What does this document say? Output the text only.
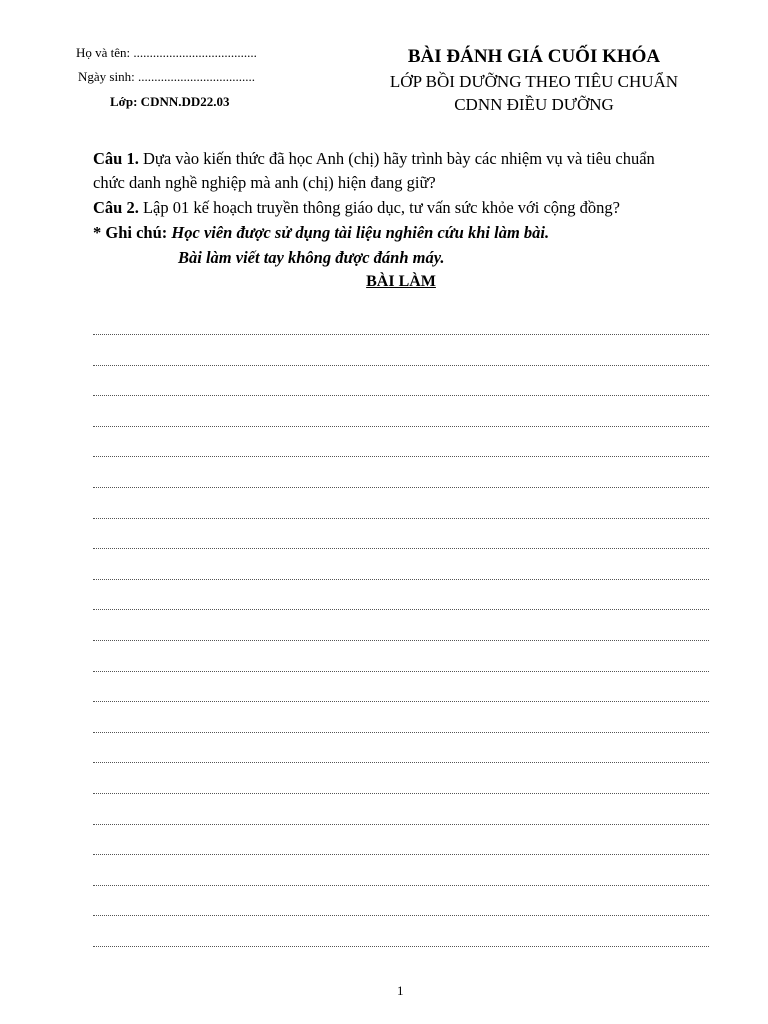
Họ và tên: ......................................
Ngày sinh: ....................................
Lớp: CDNN.DD22.03
BÀI ĐÁNH GIÁ CUỐI KHÓA
LỚP BỒI DƯỠNG THEO TIÊU CHUẨN
CDNN ĐIỀU DƯỠNG
Câu 1. Dựa vào kiến thức đã học Anh (chị) hãy trình bày các nhiệm vụ và tiêu chuẩn
chức danh nghề nghiệp mà anh (chị) hiện đang giữ?
Câu 2. Lập 01 kế hoạch truyền thông giáo dục, tư vấn sức khỏe với cộng đồng?
* Ghi chú: Học viên được sử dụng tài liệu nghiên cứu khi làm bài.
Bài làm viết tay không được đánh máy.
BÀI LÀM
1
